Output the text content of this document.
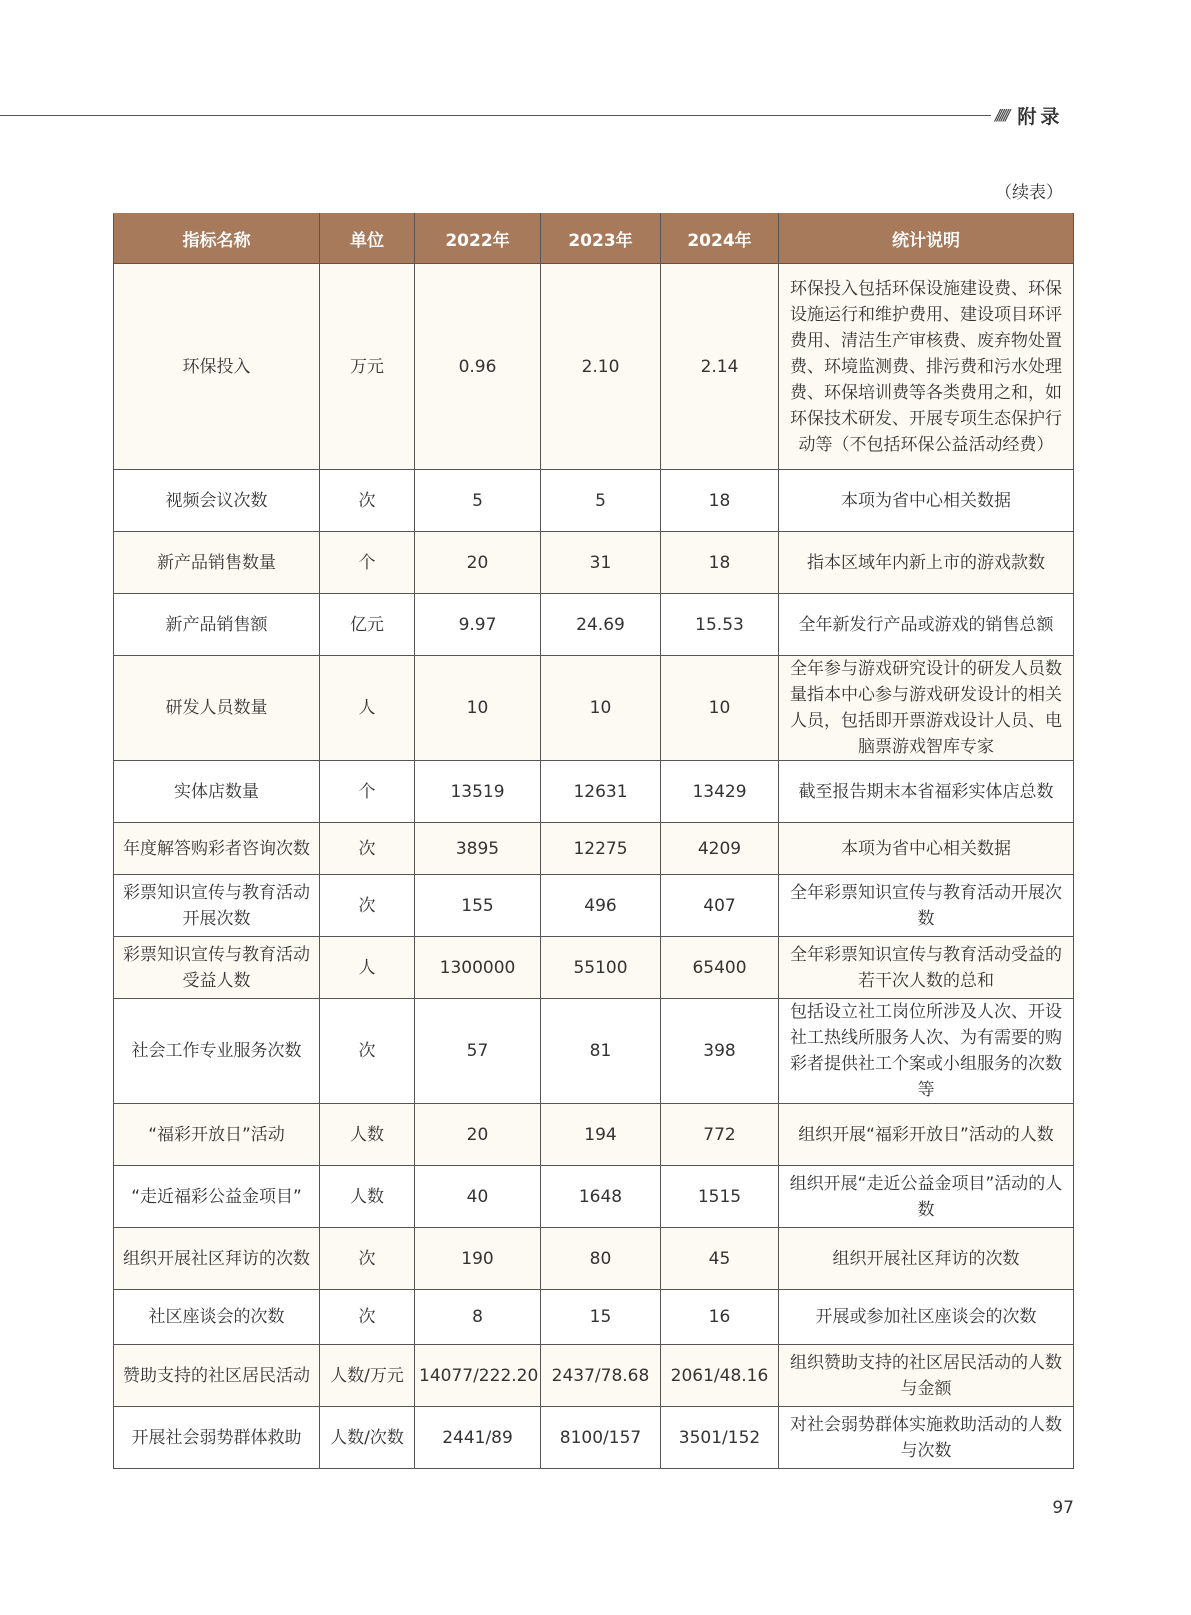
////// 附录
（续表）
指标名称	单位	2022年	2023年	2024年	统计说明
环保投入	万元	0.96	2.10	2.14	环保投入包括环保设施建设费、环保设施运行和维护费用、建设项目环评费用、清洁生产审核费、废弃物处置费、环境监测费、排污费和污水处理费、环保培训费等各类费用之和，如环保技术研发、开展专项生态保护行动等（不包括环保公益活动经费）
视频会议次数	次	5	5	18	本项为省中心相关数据
新产品销售数量	个	20	31	18	指本区域年内新上市的游戏款数
新产品销售额	亿元	9.97	24.69	15.53	全年新发行产品或游戏的销售总额
研发人员数量	人	10	10	10	全年参与游戏研究设计的研发人员数量指本中心参与游戏研发设计的相关人员，包括即开票游戏设计人员、电脑票游戏智库专家
实体店数量	个	13519	12631	13429	截至报告期末本省福彩实体店总数
年度解答购彩者咨询次数	次	3895	12275	4209	本项为省中心相关数据
彩票知识宣传与教育活动开展次数	次	155	496	407	全年彩票知识宣传与教育活动开展次数
彩票知识宣传与教育活动受益人数	人	1300000	55100	65400	全年彩票知识宣传与教育活动受益的若干次人数的总和
社会工作专业服务次数	次	57	81	398	包括设立社工岗位所涉及人次、开设社工热线所服务人次、为有需要的购彩者提供社工个案或小组服务的次数等
“福彩开放日”活动	人数	20	194	772	组织开展“福彩开放日”活动的人数
“走近福彩公益金项目”	人数	40	1648	1515	组织开展“走近公益金项目”活动的人数
组织开展社区拜访的次数	次	190	80	45	组织开展社区拜访的次数
社区座谈会的次数	次	8	15	16	开展或参加社区座谈会的次数
赞助支持的社区居民活动	人数/万元	14077/222.20	2437/78.68	2061/48.16	组织赞助支持的社区居民活动的人数与金额
开展社会弱势群体救助	人数/次数	2441/89	8100/157	3501/152	对社会弱势群体实施救助活动的人数与次数
97
